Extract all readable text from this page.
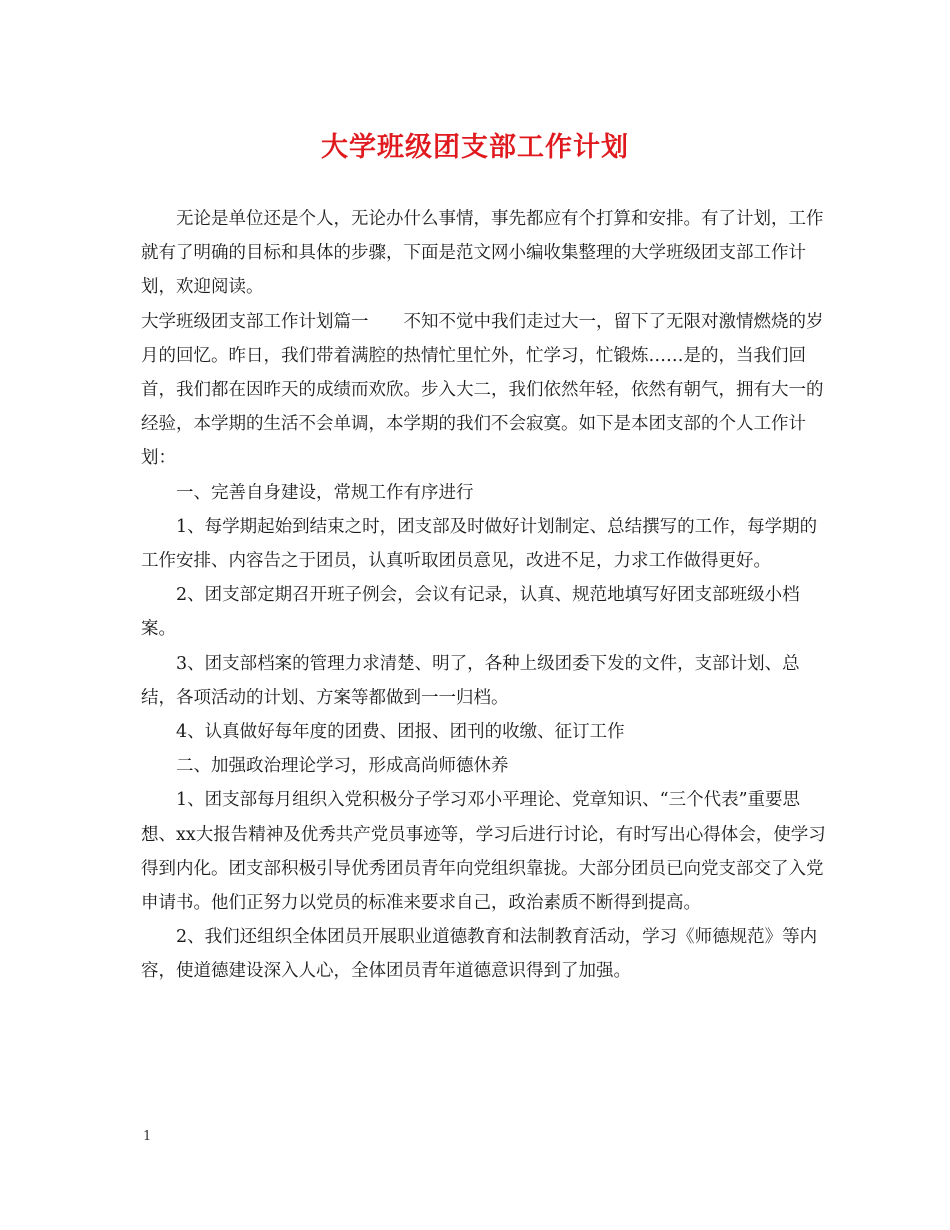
大学班级团支部工作计划

无论是单位还是个人，无论办什么事情，事先都应有个打算和安排。有了计划，工作就有了明确的目标和具体的步骤，下面是范文网小编收集整理的大学班级团支部工作计划，欢迎阅读。

大学班级团支部工作计划篇一　　不知不觉中我们走过大一，留下了无限对激情燃烧的岁月的回忆。昨日，我们带着满腔的热情忙里忙外，忙学习，忙锻炼……是的，当我们回首，我们都在因昨天的成绩而欢欣。步入大二，我们依然年轻，依然有朝气，拥有大一的经验，本学期的生活不会单调，本学期的我们不会寂寞。如下是本团支部的个人工作计划：

一、完善自身建设，常规工作有序进行

1、每学期起始到结束之时，团支部及时做好计划制定、总结撰写的工作，每学期的工作安排、内容告之于团员，认真听取团员意见，改进不足，力求工作做得更好。

2、团支部定期召开班子例会，会议有记录，认真、规范地填写好团支部班级小档案。

3、团支部档案的管理力求清楚、明了，各种上级团委下发的文件，支部计划、总结，各项活动的计划、方案等都做到一一归档。

4、认真做好每年度的团费、团报、团刊的收缴、征订工作

二、加强政治理论学习，形成高尚师德休养

1、团支部每月组织入党积极分子学习邓小平理论、党章知识、“三个代表”重要思想、xx大报告精神及优秀共产党员事迹等，学习后进行讨论，有时写出心得体会，使学习得到内化。团支部积极引导优秀团员青年向党组织靠拢。大部分团员已向党支部交了入党申请书。他们正努力以党员的标准来要求自己，政治素质不断得到提高。

2、我们还组织全体团员开展职业道德教育和法制教育活动，学习《师德规范》等内容，使道德建设深入人心，全体团员青年道德意识得到了加强。

1
